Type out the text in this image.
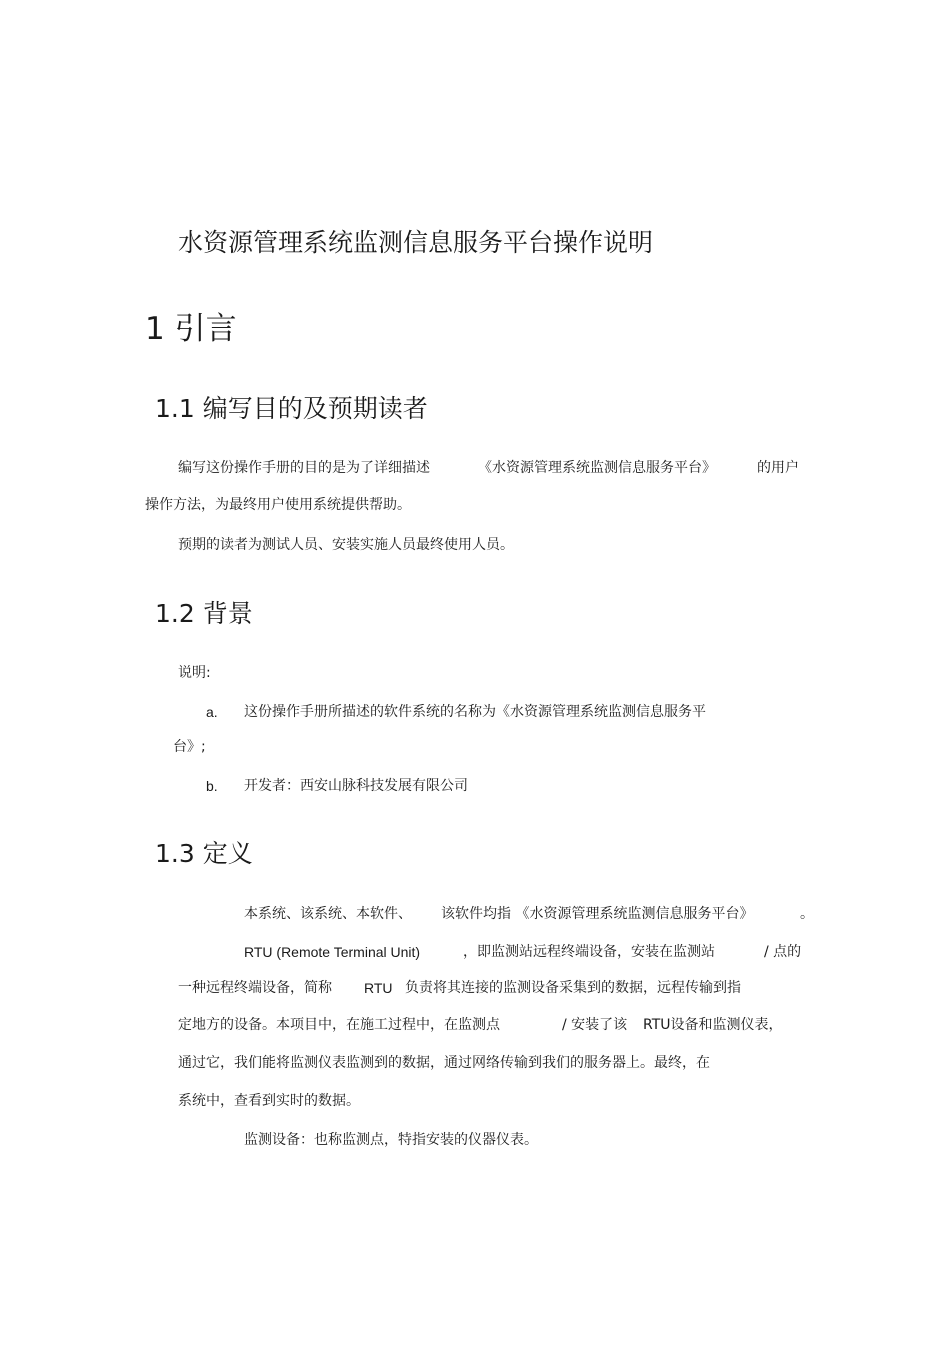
水资源管理系统监测信息服务平台操作说明

1 引言

1.1 编写目的及预期读者

编写这份操作手册的目的是为了详细描述	《水资源管理系统监测信息服务平台》	的用户

操作方法，为最终用户使用系统提供帮助。

预期的读者为测试人员、安装实施人员最终使用人员。

1.2 背景

说明:

a. 这份操作手册所描述的软件系统的名称为《水资源管理系统监测信息服务平

台》;

b. 开发者：西安山脉科技发展有限公司

1.3 定义

本系统、该系统、本软件、 该软件均指 《水资源管理系统监测信息服务平台》	。

RTU (Remote Terminal Unit)	，即监测站远程终端设备，安装在监测站	/ 点的

一种远程终端设备，简称 RTU 负责将其连接的监测设备采集到的数据，远程传输到指

定地方的设备。本项目中，在施工过程中，在监测点	/ 安装了该 RTU设备和监测仪表，

通过它，我们能将监测仪表监测到的数据，通过网络传输到我们的服务器上。最终，在

系统中，查看到实时的数据。

监测设备：也称监测点，特指安装的仪器仪表。
